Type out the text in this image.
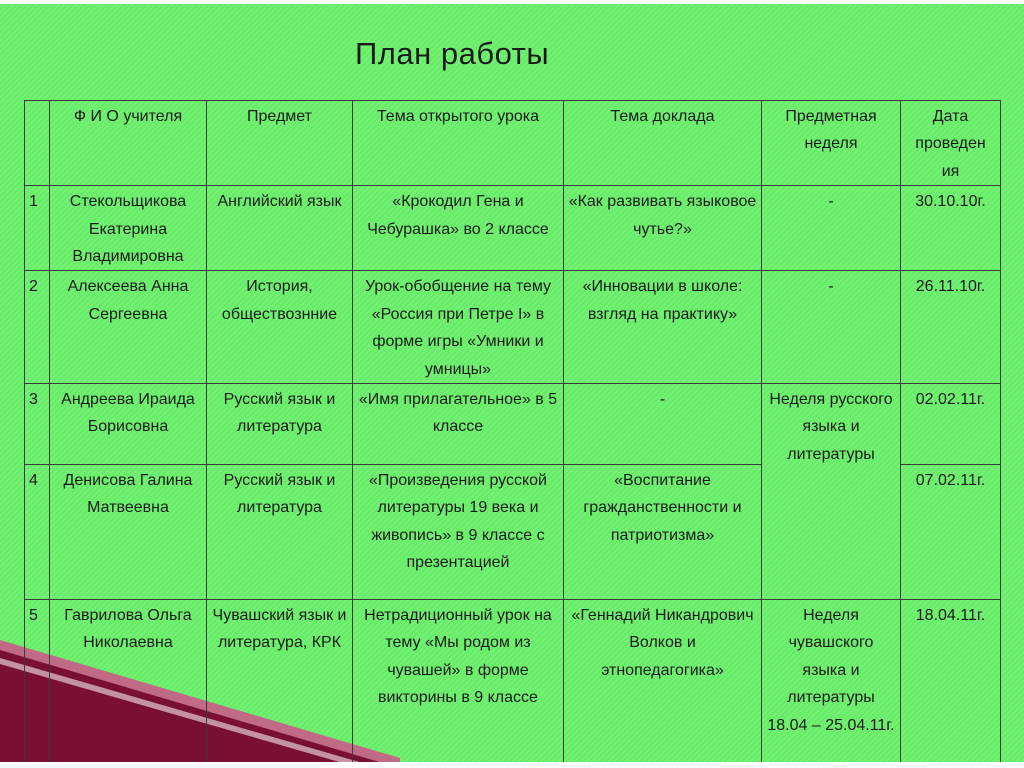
План работы
	Ф И О учителя	Предмет	Тема открытого урока	Тема доклада	Предметная неделя	Дата проведен ия
1	Стекольщикова Екатерина Владимировна	Английский язык	«Крокодил Гена и Чебурашка» во 2 классе	«Как развивать языковое чутье?»	-	30.10.10г.
2	Алексеева Анна Сергеевна	История, обществознние	Урок-обобщение на тему «Россия при Петре I» в форме игры «Умники и умницы»	«Инновации в школе: взгляд на практику»	-	26.11.10г.
3	Андреева Ираида Борисовна	Русский язык и литература	«Имя прилагательное» в 5 классе	-	Неделя русского языка и литературы	02.02.11г.
4	Денисова Галина Матвеевна	Русский язык и литература	«Произведения русской литературы 19 века и живопись» в 9 классе с презентацией	«Воспитание гражданственности и патриотизма»		07.02.11г.
5	Гаврилова Ольга Николаевна	Чувашский язык и литература, КРК	Нетрадиционный урок на тему «Мы родом из чувашей» в форме викторины в 9 классе	«Геннадий Никандрович Волков и этнопедагогика»	Неделя чувашского языка и литературы 18.04 – 25.04.11г.	18.04.11г.
